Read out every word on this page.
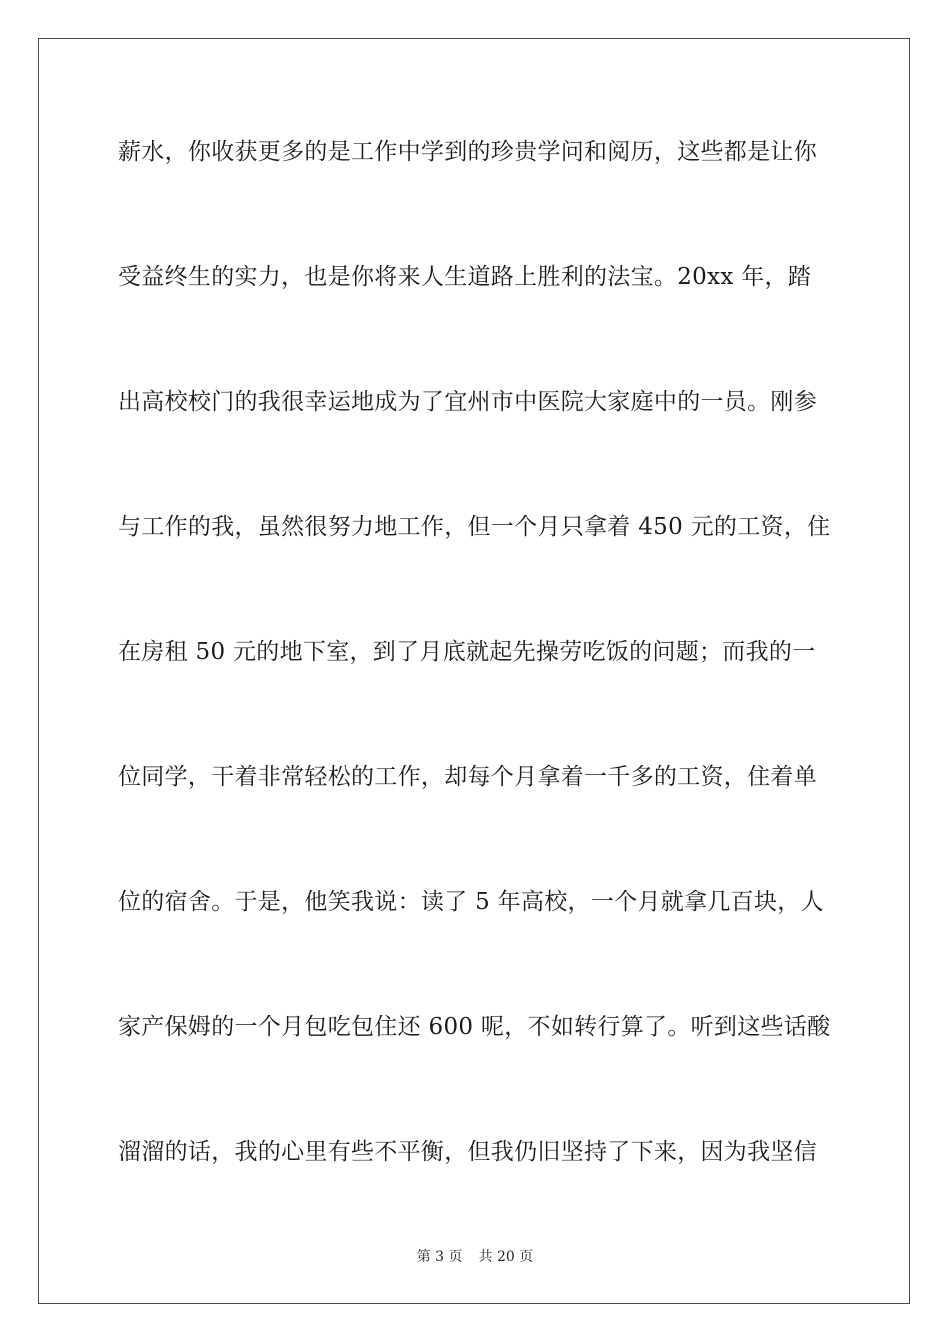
薪水，你收获更多的是工作中学到的珍贵学问和阅历，这些都是让你
受益终生的实力，也是你将来人生道路上胜利的法宝。20xx 年，踏
出高校校门的我很幸运地成为了宜州市中医院大家庭中的一员。刚参
与工作的我，虽然很努力地工作，但一个月只拿着 450 元的工资，住
在房租 50 元的地下室，到了月底就起先操劳吃饭的问题；而我的一
位同学，干着非常轻松的工作，却每个月拿着一千多的工资，住着单
位的宿舍。于是，他笑我说：读了 5 年高校，一个月就拿几百块，人
家产保姆的一个月包吃包住还 600 呢，不如转行算了。听到这些话酸
溜溜的话，我的心里有些不平衡，但我仍旧坚持了下来，因为我坚信
第 3 页 共 20 页
